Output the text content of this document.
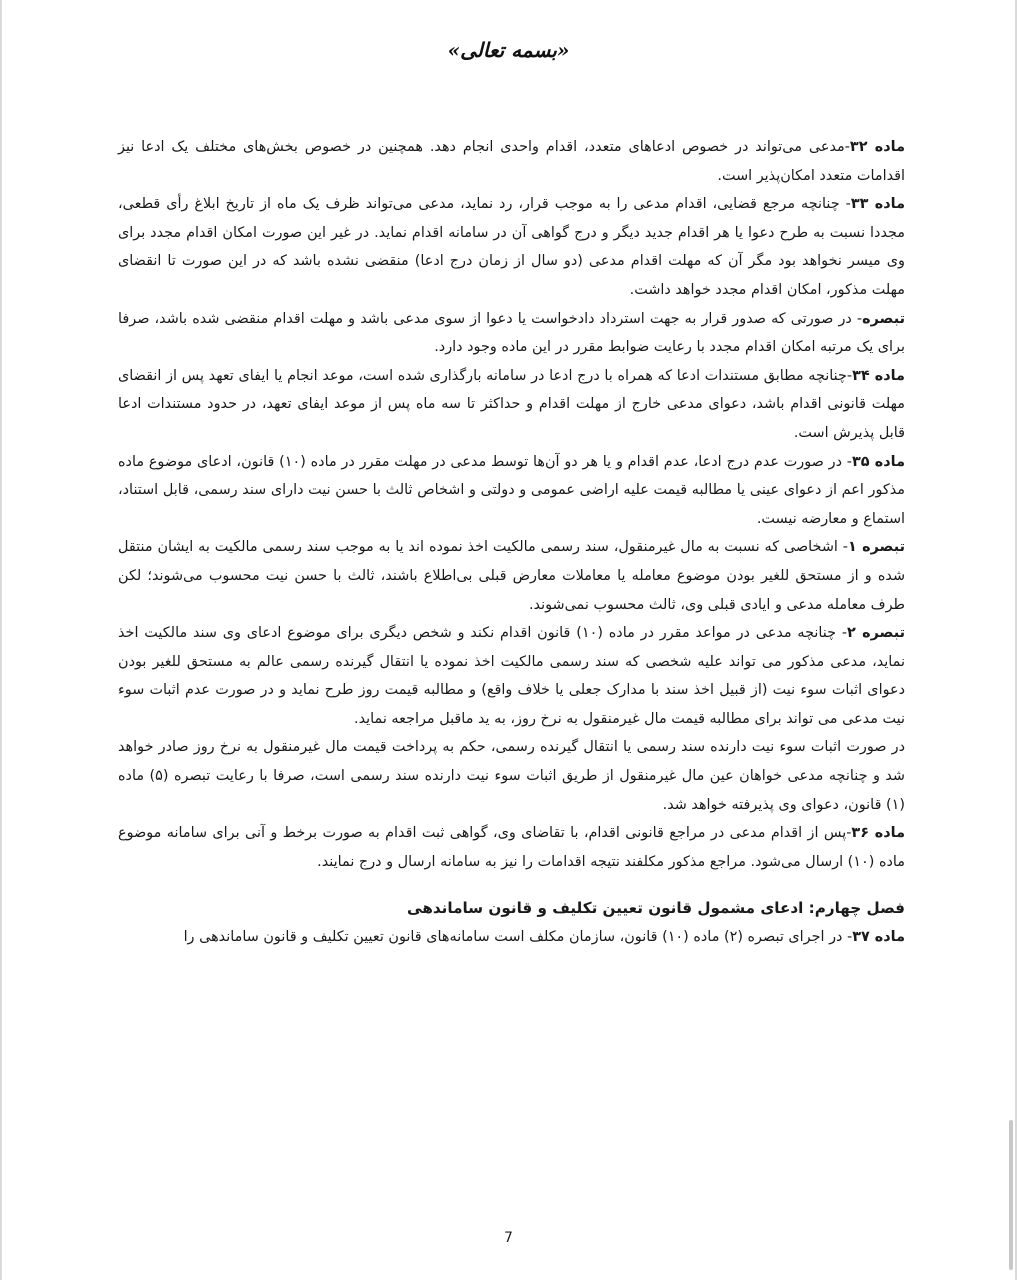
«بسمه تعالی»

ماده ۳۲-مدعی می‌تواند در خصوص ادعاهای متعدد، اقدام واحدی انجام دهد. همچنین در خصوص بخش‌های مختلف یک ادعا نیز اقدامات متعدد امکان‌پذیر است.

ماده ۳۳- چنانچه مرجع قضایی، اقدام مدعی را به موجب قرار، رد نماید، مدعی می‌تواند ظرف یک ماه از تاریخ ابلاغ رأی قطعی، مجددا نسبت به طرح دعوا یا هر اقدام جدید دیگر و درج گواهی آن در سامانه اقدام نماید. در غیر این صورت امکان اقدام مجدد برای وی میسر نخواهد بود مگر آن که مهلت اقدام مدعی (دو سال از زمان درج ادعا) منقضی نشده باشد که در این صورت تا انقضای مهلت مذکور، امکان اقدام مجدد خواهد داشت.

تبصره- در صورتی که صدور قرار به جهت استرداد دادخواست یا دعوا از سوی مدعی باشد و مهلت اقدام منقضی شده باشد، صرفا برای یک مرتبه امکان اقدام مجدد با رعایت ضوابط مقرر در این ماده وجود دارد.

ماده ۳۴-چنانچه مطابق مستندات ادعا که همراه با درج ادعا در سامانه بارگذاری شده است، موعد انجام یا ایفای تعهد پس از انقضای مهلت قانونی اقدام باشد، دعوای مدعی خارج از مهلت اقدام و حداکثر تا سه ماه پس از موعد ایفای تعهد، در حدود مستندات ادعا قابل پذیرش است.

ماده ۳۵- در صورت عدم درج ادعا، عدم اقدام و یا هر دو آن‌ها توسط مدعی در مهلت مقرر در ماده (۱۰) قانون، ادعای موضوع ماده مذکور اعم از دعوای عینی یا مطالبه قیمت علیه اراضی عمومی و دولتی و اشخاص ثالث با حسن نیت دارای سند رسمی، قابل استناد، استماع و معارضه نیست.

تبصره ۱- اشخاصی که نسبت به مال غیرمنقول، سند رسمی مالکیت اخذ نموده اند یا به موجب سند رسمی مالکیت به ایشان منتقل شده و از مستحق للغیر بودن موضوع معامله یا معاملات معارض قبلی بی‌اطلاع باشند، ثالث با حسن نیت محسوب می‌شوند؛ لکن طرف معامله مدعی و ایادی قبلی وی، ثالث محسوب نمی‌شوند.

تبصره ۲- چنانچه مدعی در مواعد مقرر در ماده (۱۰) قانون اقدام نکند و شخص دیگری برای موضوع ادعای وی سند مالکیت اخذ نماید، مدعی مذکور می تواند علیه شخصی که سند رسمی مالکیت اخذ نموده یا انتقال گیرنده رسمی عالم به مستحق للغیر بودن دعوای اثبات سوء نیت (از قبیل اخذ سند با مدارک جعلی یا خلاف واقع) و مطالبه قیمت روز طرح نماید و در صورت عدم اثبات سوء نیت مدعی می تواند برای مطالبه قیمت مال غیرمنقول به نرخ روز، به ید ماقبل مراجعه نماید.

در صورت اثبات سوء نیت دارنده سند رسمی یا انتقال گیرنده رسمی، حکم به پرداخت قیمت مال غیرمنقول به نرخ روز صادر خواهد شد و چنانچه مدعی خواهان عین مال غیرمنقول از طریق اثبات سوء نیت دارنده سند رسمی است، صرفا با رعایت تبصره (۵) ماده (۱) قانون، دعوای وی پذیرفته خواهد شد.

ماده ۳۶-پس از اقدام مدعی در مراجع قانونی اقدام، با تقاضای وی، گواهی ثبت اقدام به صورت برخط و آنی برای سامانه موضوع ماده (۱۰) ارسال می‌شود. مراجع مذکور مکلفند نتیجه اقدامات را نیز به سامانه ارسال و درج نمایند.

فصل چهارم: ادعای مشمول قانون تعیین تکلیف و قانون ساماندهی

ماده ۳۷- در اجرای تبصره (۲) ماده (۱۰) قانون، سازمان مکلف است سامانه‌های قانون تعیین تکلیف و قانون ساماندهی را

7
